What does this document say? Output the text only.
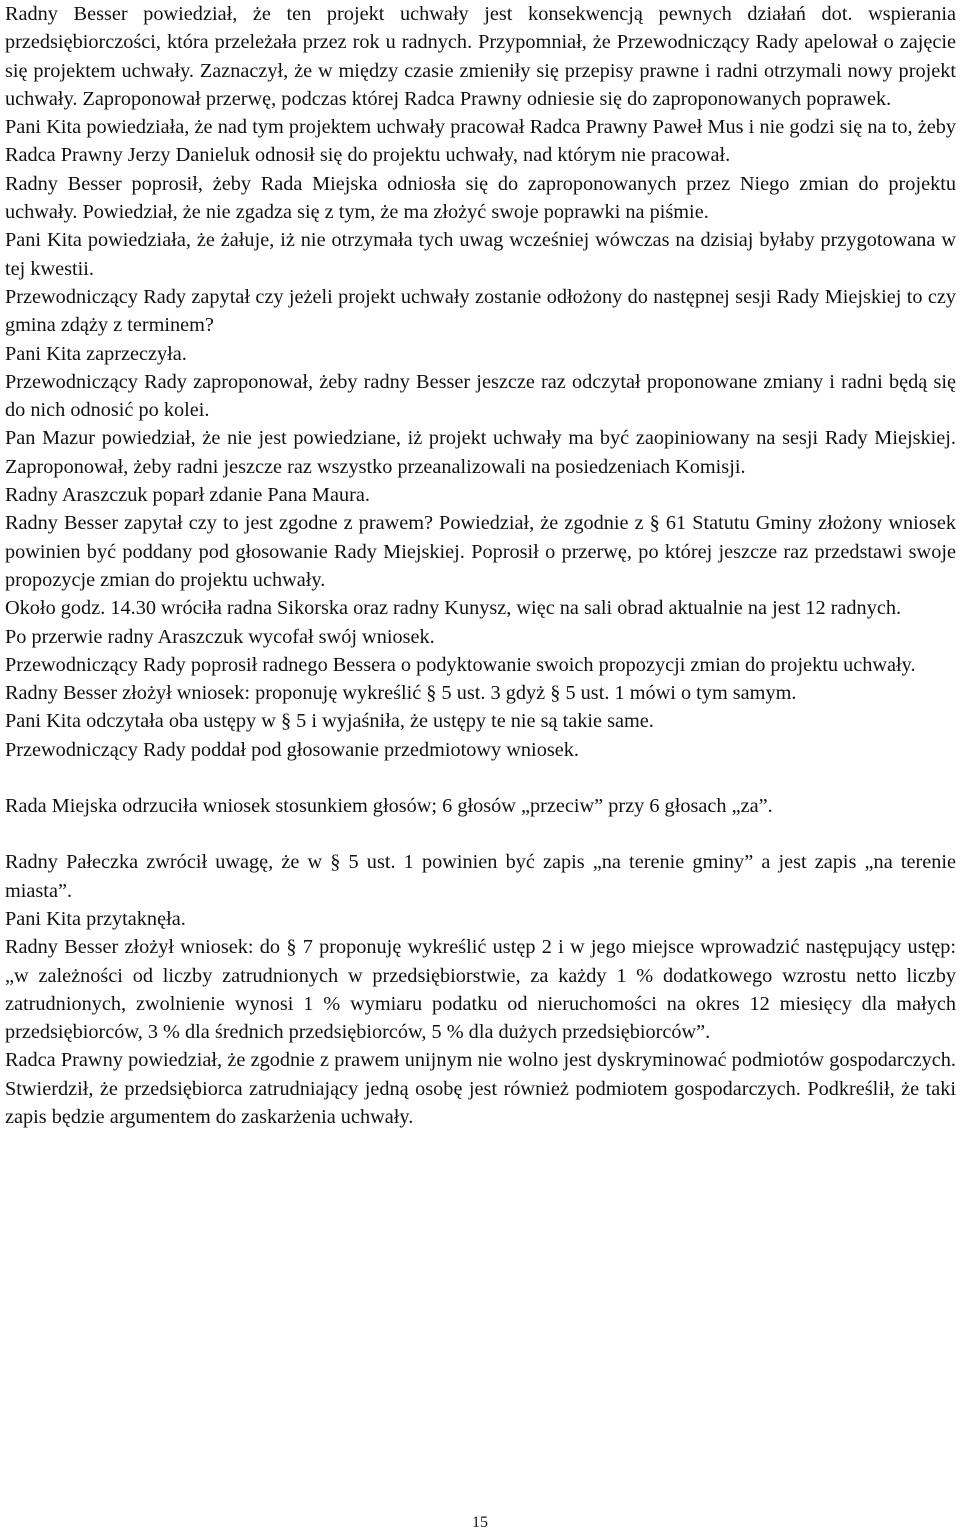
Radny Besser powiedział, że ten projekt uchwały jest konsekwencją pewnych działań dot. wspierania przedsiębiorczości, która przeleżała przez rok u radnych. Przypomniał, że Przewodniczący Rady apelował o zajęcie się projektem uchwały. Zaznaczył, że w między czasie zmieniły się przepisy prawne i radni otrzymali nowy projekt uchwały. Zaproponował przerwę, podczas której Radca Prawny odniesie się do zaproponowanych poprawek.

Pani Kita powiedziała, że nad tym projektem uchwały pracował Radca Prawny Paweł Mus i nie godzi się na to, żeby Radca Prawny Jerzy Danieluk odnosił się do projektu uchwały, nad którym nie pracował.

Radny Besser poprosił, żeby Rada Miejska odniosła się do zaproponowanych przez Niego zmian do projektu uchwały. Powiedział, że nie zgadza się z tym, że ma złożyć swoje poprawki na piśmie.

Pani Kita powiedziała, że żałuje, iż nie otrzymała tych uwag wcześniej wówczas na dzisiaj byłaby przygotowana w tej kwestii.

Przewodniczący Rady zapytał czy jeżeli projekt uchwały zostanie odłożony do następnej sesji Rady Miejskiej to czy gmina zdąży z terminem?

Pani Kita zaprzeczyła.

Przewodniczący Rady zaproponował, żeby radny Besser jeszcze raz odczytał proponowane zmiany i radni będą się do nich odnosić po kolei.

Pan Mazur powiedział, że nie jest powiedziane, iż projekt uchwały ma być zaopiniowany na sesji Rady Miejskiej. Zaproponował, żeby radni jeszcze raz wszystko przeanalizowali na posiedzeniach Komisji.

Radny Araszczuk poparł zdanie Pana Maura.

Radny Besser zapytał czy to jest zgodne z prawem? Powiedział, że zgodnie z § 61 Statutu Gminy złożony wniosek powinien być poddany pod głosowanie Rady Miejskiej. Poprosił o przerwę, po której jeszcze raz przedstawi swoje propozycje zmian do projektu uchwały.

Około godz. 14.30 wróciła radna Sikorska oraz radny Kunysz, więc na sali obrad aktualnie na jest 12 radnych.

Po przerwie radny Araszczuk wycofał swój wniosek.

Przewodniczący Rady poprosił radnego Bessera o podyktowanie swoich propozycji zmian do projektu uchwały.

Radny Besser złożył wniosek: proponuję wykreślić § 5 ust. 3 gdyż § 5 ust. 1 mówi o tym samym.

Pani Kita odczytała oba ustępy w § 5 i wyjaśniła, że ustępy te nie są takie same.

Przewodniczący Rady poddał pod głosowanie przedmiotowy wniosek.

Rada Miejska odrzuciła wniosek stosunkiem głosów; 6 głosów „przeciw” przy 6 głosach „za”.

Radny Pałeczka zwrócił uwagę, że w § 5 ust. 1 powinien być zapis „na terenie gminy” a jest zapis „na terenie miasta”.

Pani Kita przytaknęła.

Radny Besser złożył wniosek: do § 7 proponuję wykreślić ustęp 2 i w jego miejsce wprowadzić następujący ustęp: „w zależności od liczby zatrudnionych w przedsiębiorstwie, za każdy 1 % dodatkowego wzrostu netto liczby zatrudnionych, zwolnienie wynosi 1 % wymiaru podatku od nieruchomości na okres 12 miesięcy dla małych przedsiębiorców, 3 % dla średnich przedsiębiorców, 5 % dla dużych przedsiębiorców”.

Radca Prawny powiedział, że zgodnie z prawem unijnym nie wolno jest dyskryminować podmiotów gospodarczych. Stwierdził, że przedsiębiorca zatrudniający jedną osobę jest również podmiotem gospodarczych. Podkreślił, że taki zapis będzie argumentem do zaskarżenia uchwały.

15
